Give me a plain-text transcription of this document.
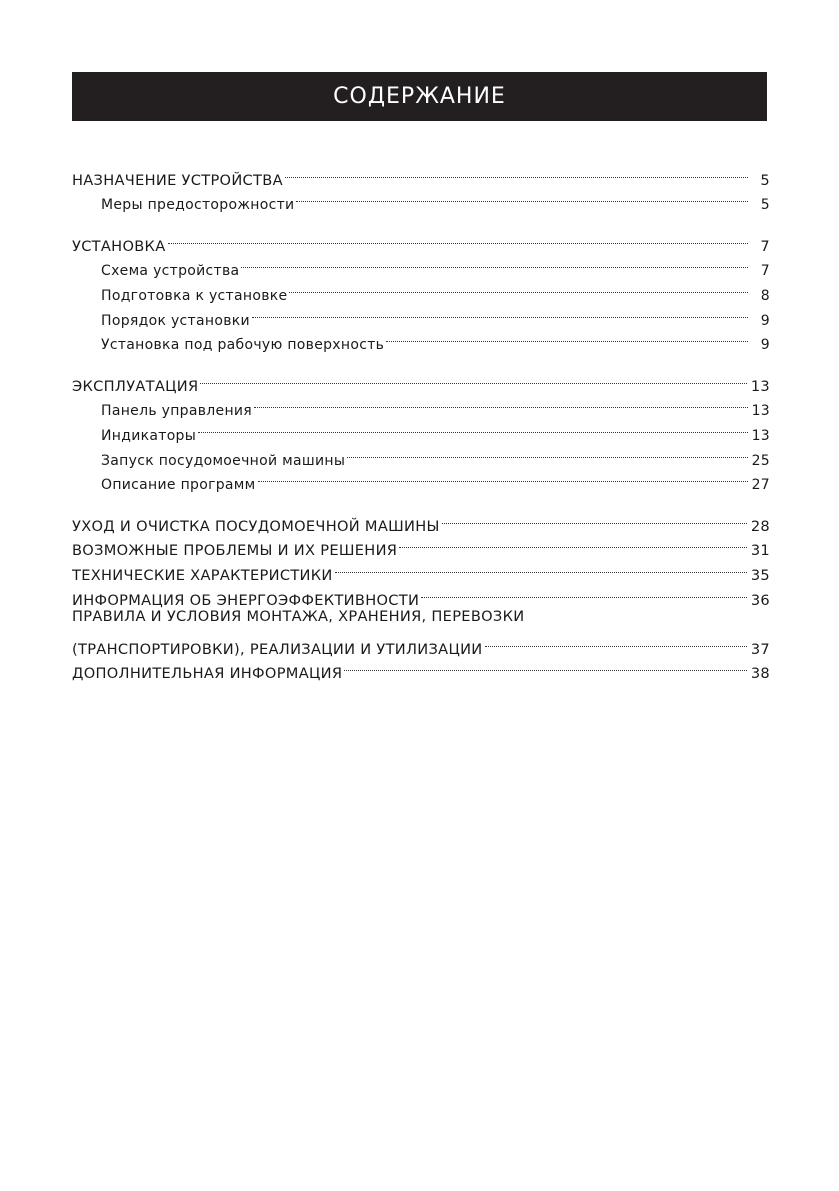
СОДЕРЖАНИЕ
НАЗНАЧЕНИЕ УСТРОЙСТВА	5
Меры предосторожности	5
УСТАНОВКА	7
Схема устройства	7
Подготовка к установке	8
Порядок установки	9
Установка под рабочую поверхность	9
ЭКСПЛУАТАЦИЯ	13
Панель управления	13
Индикаторы	13
Запуск посудомоечной машины	25
Описание программ	27
УХОД И ОЧИСТКА ПОСУДОМОЕЧНОЙ МАШИНЫ	28
ВОЗМОЖНЫЕ ПРОБЛЕМЫ И ИХ РЕШЕНИЯ	31
ТЕХНИЧЕСКИЕ ХАРАКТЕРИСТИКИ	35
ИНФОРМАЦИЯ ОБ ЭНЕРГОЭФФЕКТИВНОСТИ	36
ПРАВИЛА И УСЛОВИЯ МОНТАЖА, ХРАНЕНИЯ, ПЕРЕВОЗКИ
(ТРАНСПОРТИРОВКИ), РЕАЛИЗАЦИИ И УТИЛИЗАЦИИ	37
ДОПОЛНИТЕЛЬНАЯ ИНФОРМАЦИЯ	38
